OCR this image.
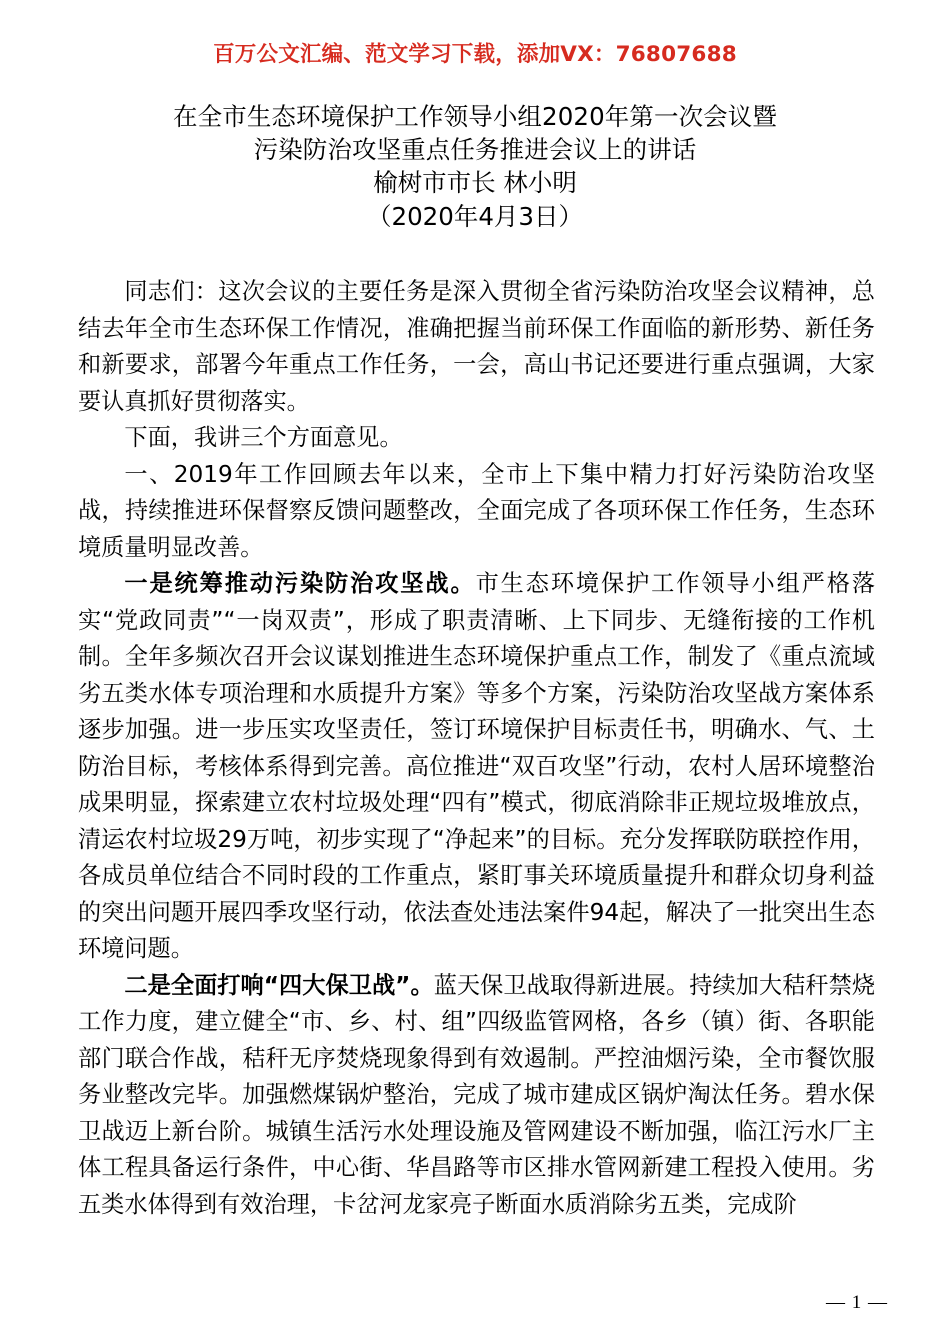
百万公文汇编、范文学习下载，添加VX：76807688
在全市生态环境保护工作领导小组2020年第一次会议暨
污染防治攻坚重点任务推进会议上的讲话
榆树市市长 林小明
（2020年4月3日）

同志们：这次会议的主要任务是深入贯彻全省污染防治攻坚会议精神，总结去年全市生态环保工作情况，准确把握当前环保工作面临的新形势、新任务和新要求，部署今年重点工作任务，一会，高山书记还要进行重点强调，大家要认真抓好贯彻落实。

下面，我讲三个方面意见。

一、2019年工作回顾去年以来，全市上下集中精力打好污染防治攻坚战，持续推进环保督察反馈问题整改，全面完成了各项环保工作任务，生态环境质量明显改善。

一是统筹推动污染防治攻坚战。市生态环境保护工作领导小组严格落实“党政同责”“一岗双责”，形成了职责清晰、上下同步、无缝衔接的工作机制。全年多频次召开会议谋划推进生态环境保护重点工作，制发了《重点流域劣五类水体专项治理和水质提升方案》等多个方案，污染防治攻坚战方案体系逐步加强。进一步压实攻坚责任，签订环境保护目标责任书，明确水、气、土防治目标，考核体系得到完善。高位推进“双百攻坚”行动，农村人居环境整治成果明显，探索建立农村垃圾处理“四有”模式，彻底消除非正规垃圾堆放点，清运农村垃圾29万吨，初步实现了“净起来”的目标。充分发挥联防联控作用，各成员单位结合不同时段的工作重点，紧盯事关环境质量提升和群众切身利益的突出问题开展四季攻坚行动，依法查处违法案件94起，解决了一批突出生态环境问题。

二是全面打响“四大保卫战”。蓝天保卫战取得新进展。持续加大秸秆禁烧工作力度，建立健全“市、乡、村、组”四级监管网格，各乡（镇）街、各职能部门联合作战，秸秆无序焚烧现象得到有效遏制。严控油烟污染，全市餐饮服务业整改完毕。加强燃煤锅炉整治，完成了城市建成区锅炉淘汰任务。碧水保卫战迈上新台阶。城镇生活污水处理设施及管网建设不断加强，临江污水厂主体工程具备运行条件，中心街、华昌路等市区排水管网新建工程投入使用。劣五类水体得到有效治理，卡岔河龙家亮子断面水质消除劣五类，完成阶

— 1 —
